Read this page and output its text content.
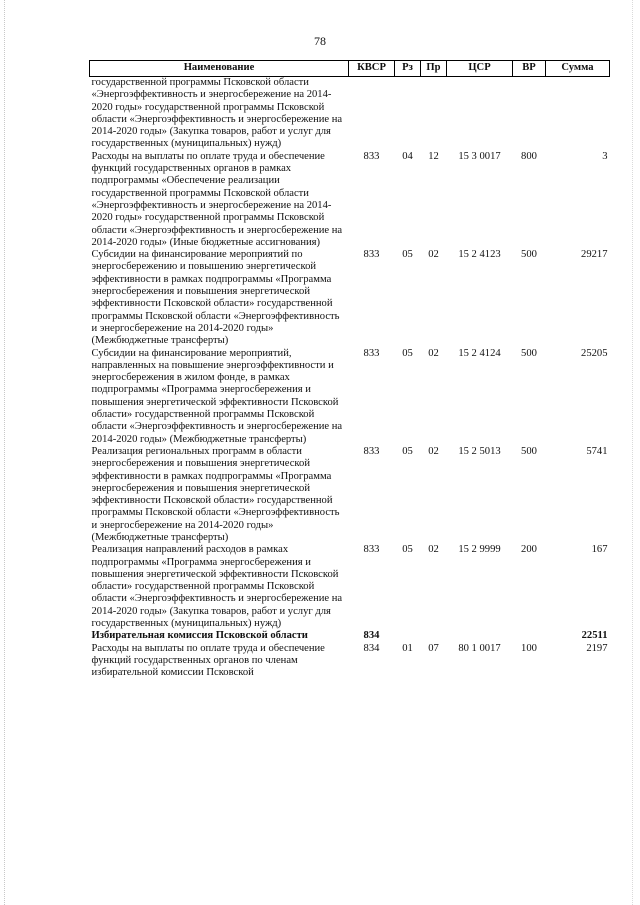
78
Наименование	КВСР	Рз	Пр	ЦСР	ВР	Сумма
государственной программы Псковской области «Энергоэффективность и энергосбережение на 2014-2020 годы» государственной программы Псковской области «Энергоэффективность и энергосбережение на 2014-2020 годы» (Закупка товаров, работ и услуг для государственных (муниципальных) нужд)						
Расходы на выплаты по оплате труда и обеспечение функций государственных органов в рамках подпрограммы «Обеспечение реализации государственной программы Псковской области «Энергоэффективность и энергосбережение на 2014-2020 годы» государственной программы Псковской области «Энергоэффективность и энергосбережение на 2014-2020 годы» (Иные бюджетные ассигнования)	833	04	12	15 3 0017	800	3
Субсидии на финансирование мероприятий по энергосбережению и повышению энергетической эффективности в рамках подпрограммы «Программа энергосбережения и повышения энергетической эффективности Псковской области» государственной программы Псковской области «Энергоэффективность и энергосбережение на 2014-2020 годы» (Межбюджетные трансферты)	833	05	02	15 2 4123	500	29217
Субсидии на финансирование мероприятий, направленных на повышение энергоэффективности и энергосбережения в жилом фонде, в рамках подпрограммы «Программа энергосбережения и повышения энергетической эффективности Псковской области» государственной программы Псковской области «Энергоэффективность и энергосбережение на 2014-2020 годы» (Межбюджетные трансферты)	833	05	02	15 2 4124	500	25205
Реализация региональных программ в области энергосбережения и повышения энергетической эффективности в рамках подпрограммы «Программа энергосбережения и повышения энергетической эффективности Псковской области» государственной программы Псковской области «Энергоэффективность и энергосбережение на 2014-2020 годы» (Межбюджетные трансферты)	833	05	02	15 2 5013	500	5741
Реализация направлений расходов в рамках подпрограммы «Программа энергосбережения и повышения энергетической эффективности Псковской области» государственной программы Псковской области «Энергоэффективность и энергосбережение на 2014-2020 годы» (Закупка товаров, работ и услуг для государственных (муниципальных) нужд)	833	05	02	15 2 9999	200	167
Избирательная комиссия Псковской области	834					22511
Расходы на выплаты по оплате труда и обеспечение функций государственных органов по членам избирательной комиссии Псковской	834	01	07	80 1 0017	100	2197
